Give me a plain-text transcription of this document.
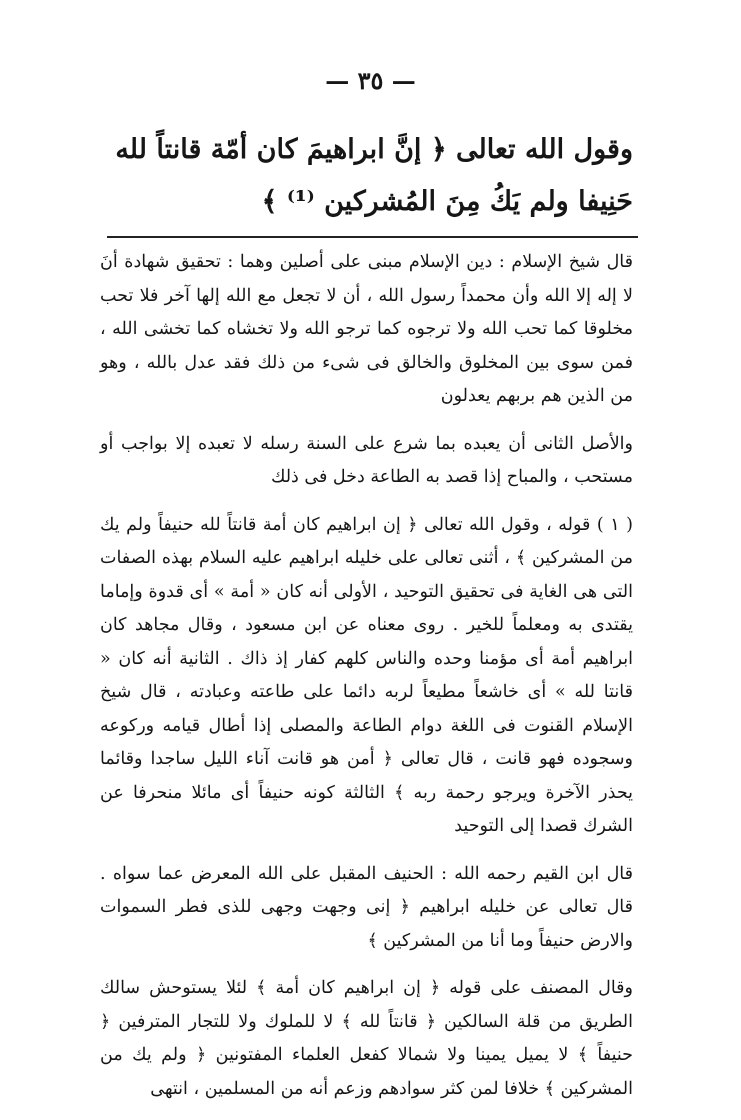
— ٣٥ —
وقول الله تعالى ﴿ إنَّ ابراهيمَ كان أمّة قانتاً لله حَنِيفا ولم يَكُ مِنَ المُشركين ⁽¹⁾ ﴾

قال شيخ الإسلام : دين الإسلام مبنى على أصلين وهما : تحقيق شهادة أنَ لا إله إلا الله وأن محمداً رسول الله ، أن لا تجعل مع الله إلها آخر فلا تحب مخلوقا كما تحب الله ولا ترجوه كما ترجو الله ولا تخشاه كما تخشى الله ، فمن سوى بين المخلوق والخالق فى شىء من ذلك فقد عدل بالله ، وهو من الذين هم بربهم يعدلون

والأصل الثانى أن يعبده بما شرع على السنة رسله لا تعبده إلا بواجب أو مستحب ، والمباح إذا قصد به الطاعة دخل فى ذلك

( ١ ) قوله ، وقول الله تعالى ﴿ إن ابراهيم كان أمة قانتاً لله حنيفاً ولم يك من المشركين ﴾ ، أثنى تعالى على خليله ابراهيم عليه السلام بهذه الصفات التى هى الغاية فى تحقيق التوحيد ، الأولى أنه كان « أمة » أى قدوة وإماما يقتدى به ومعلماً للخير . روى معناه عن ابن مسعود ، وقال مجاهد كان ابراهيم أمة أى مؤمنا وحده والناس كلهم كفار إذ ذاك . الثانية أنه كان « قانتا لله » أى خاشعاً مطيعاً لربه دائما على طاعته وعبادته ، قال شيخ الإسلام القنوت فى اللغة دوام الطاعة والمصلى إذا أطال قيامه وركوعه وسجوده فهو قانت ، قال تعالى ﴿ أمن هو قانت آناء الليل ساجدا وقائما يحذر الآخرة ويرجو رحمة ربه ﴾ الثالثة كونه حنيفاً أى مائلا منحرفا عن الشرك قصدا إلى التوحيد

قال ابن القيم رحمه الله : الحنيف المقبل على الله المعرض عما سواه . قال تعالى عن خليله ابراهيم ﴿ إنى وجهت وجهى للذى فطر السموات والارض حنيفاً وما أنا من المشركين ﴾

وقال المصنف على قوله ﴿ إن ابراهيم كان أمة ﴾ لئلا يستوحش سالك الطريق من قلة السالكين ﴿ قانتاً لله ﴾ لا للملوك ولا للتجار المترفين ﴿ حنيفاً ﴾ لا يميل يمينا ولا شمالا كفعل العلماء المفتونين ﴿ ولم يك من المشركين ﴾ خلافا لمن كثر سوادهم وزعم أنه من المسلمين ، انتهى
